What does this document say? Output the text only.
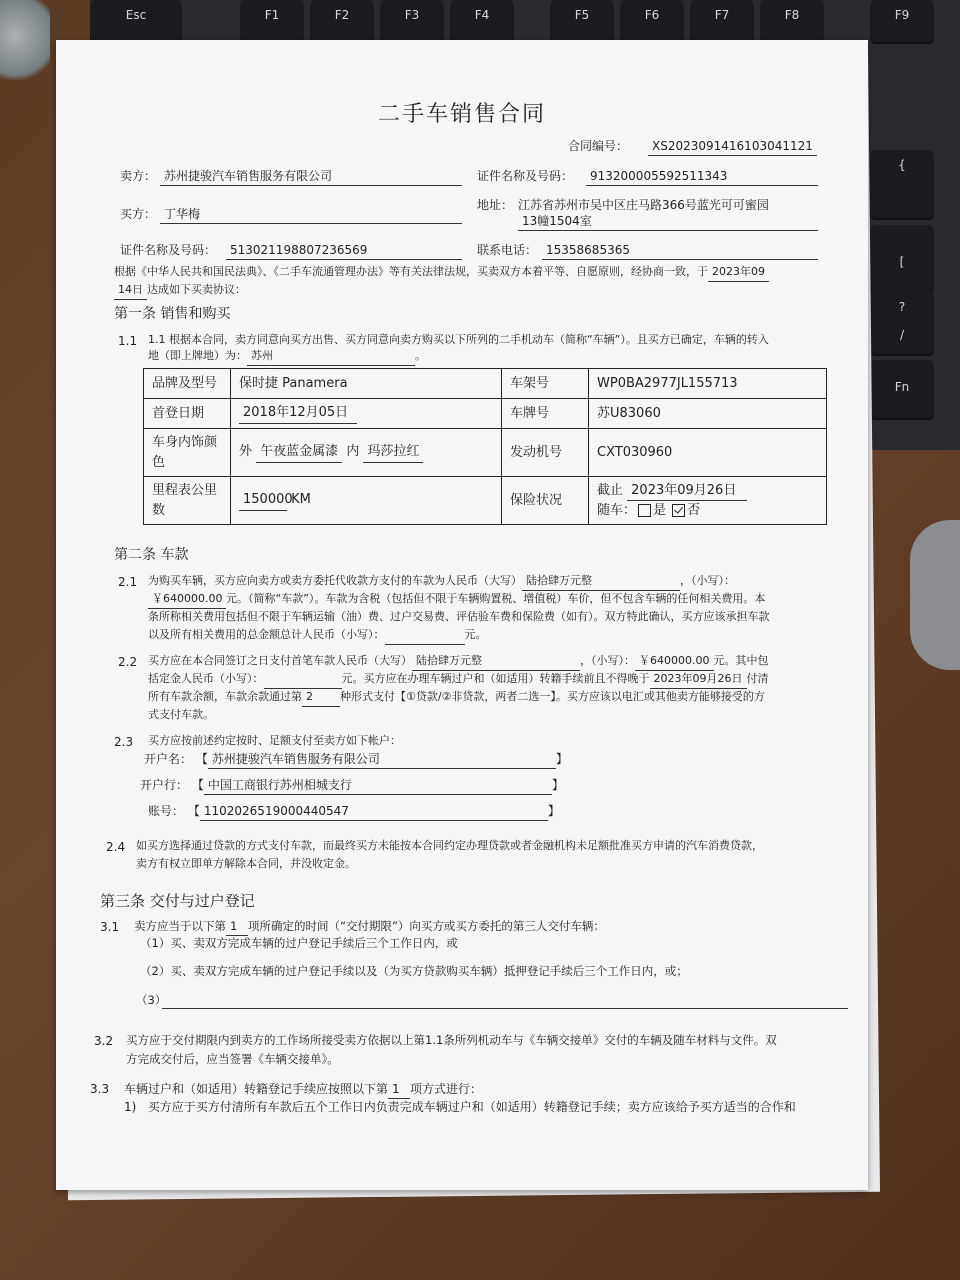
Esc	F1	F2	F3	F4	F5	F6	F7	F8	F9
{
[
?
/
Fn
二手车销售合同
合同编号：	XS2023091416103041121
卖方： 苏州捷骏汽车销售服务有限公司	证件名称及号码：	913200005592511343
买方： 丁华梅
地址： 江苏省苏州市吴中区庄马路366号蓝光可可蜜园
13幢1504室
证件名称及号码：	513021198807236569	联系电话： 15358685365
根据《中华人民共和国民法典》、《二手车流通管理办法》等有关法律法规，买卖双方本着平等、自愿原则，经协商一致，于 2023年09
14日 达成如下买卖协议：
第一条 销售和购买
1.1 1.1 根据本合同，卖方同意向买方出售、买方同意向卖方购买以下所列的二手机动车（简称“车辆”）。且买方已确定，车辆的转入
地（即上牌地）为： 苏州	。
品牌及型号	保时捷 Panamera	车架号	WP0BA2977JL155713
首登日期	2018年12月05日	车牌号	苏U83060
车身内饰颜色	外 午夜蓝金属漆 内 玛莎拉红	发动机号	CXT030960
里程表公里数	150000 KM	保险状况	截止 2023年09月26日
随车： 是 否
第二条 车款
2.1 为购买车辆，买方应向卖方或卖方委托代收款方支付的车款为人民币（大写） 陆拾肆万元整	，（小写）：
￥640000.00 元。（简称“车款”）。车款为含税（包括但不限于车辆购置税、增值税）车价，但不包含车辆的任何相关费用。本
条所称相关费用包括但不限于车辆运输（油）费、过户交易费、评估验车费和保险费（如有）。双方特此确认，买方应该承担车款
以及所有相关费用的总金额总计人民币（小写）：	元。
2.2 买方应在本合同签订之日支付首笔车款人民币（大写） 陆拾肆万元整	，（小写）： ￥640000.00 元。其中包
括定金人民币（小写）：	元。买方应在办理车辆过户和（如适用）转籍手续前且不得晚于 2023年09月26日 付清
所有车款余额，车款余款通过第 2 种形式支付【①贷款/②非贷款，两者二选一】。买方应该以电汇或其他卖方能够接受的方
式支付车款。
2.3 买方应按前述约定按时、足额支付至卖方如下帐户：
开户名： 【 苏州捷骏汽车销售服务有限公司	】
开户行： 【 中国工商银行苏州相城支行	】
账号： 【 1102026519000440547	】
2.4 如买方选择通过贷款的方式支付车款，而最终买方未能按本合同约定办理贷款或者金融机构未足额批准买方申请的汽车消费贷款，
卖方有权立即单方解除本合同，并没收定金。
第三条 交付与过户登记
3.1 卖方应当于以下第 1 项所确定的时间（“交付期限”）向买方或买方委托的第三人交付车辆：
（1）买、卖双方完成车辆的过户登记手续后三个工作日内，或
（2）买、卖双方完成车辆的过户登记手续以及（为买方贷款购买车辆）抵押登记手续后三个工作日内，或；
（3）
3.2 买方应于交付期限内到卖方的工作场所接受卖方依据以上第1.1条所列机动车与《车辆交接单》交付的车辆及随车材料与文件。双
方完成交付后，应当签署《车辆交接单》。
3.3 车辆过户和（如适用）转籍登记手续应按照以下第 1 项方式进行：
1) 买方应于买方付清所有车款后五个工作日内负责完成车辆过户和（如适用）转籍登记手续；卖方应该给予买方适当的合作和
